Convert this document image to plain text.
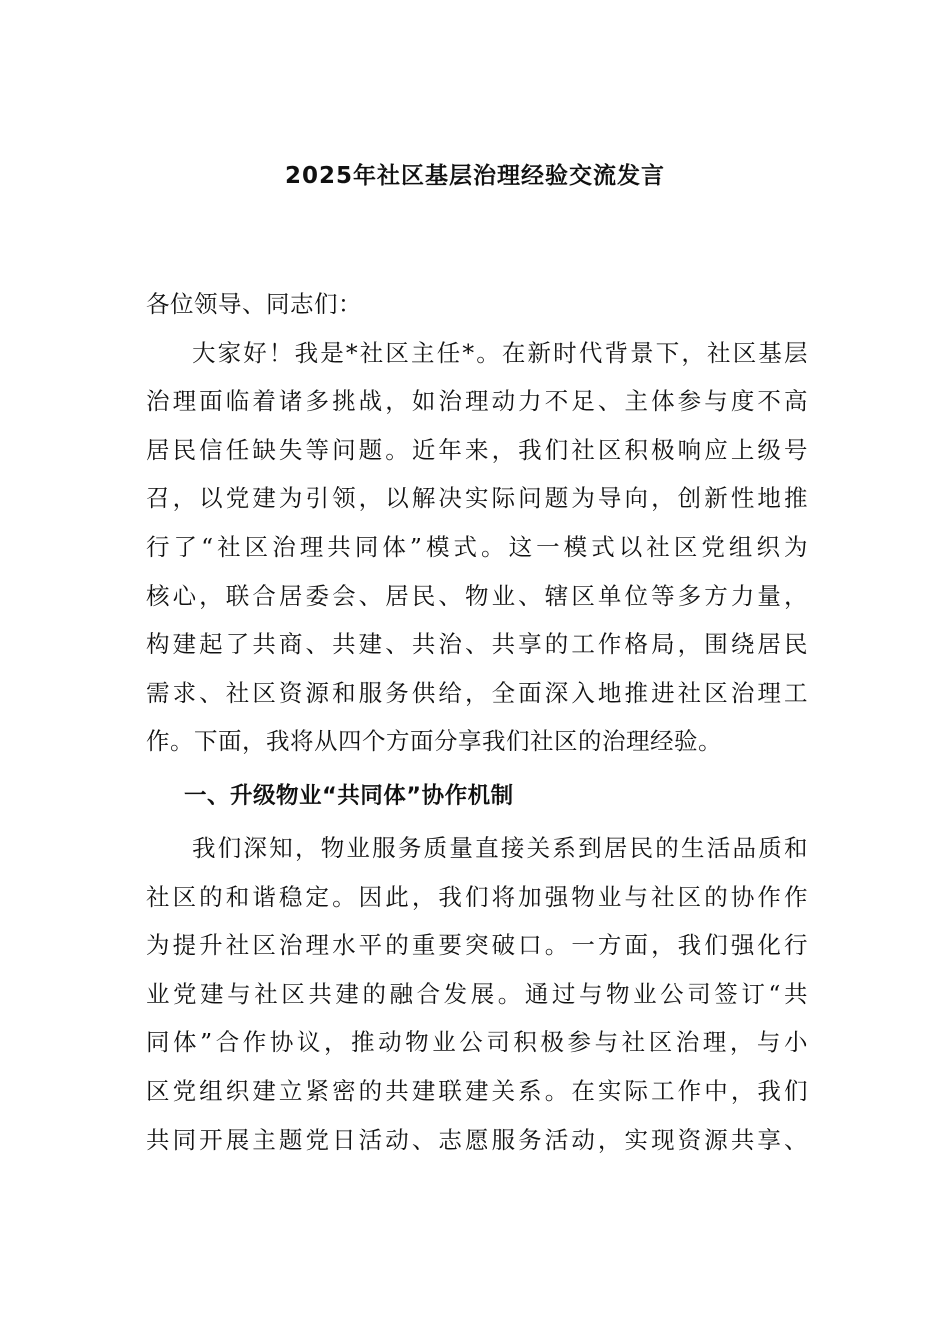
2025年社区基层治理经验交流发言
各位领导、同志们：
大家好！我是*社区主任*。在新时代背景下，社区基层
治理面临着诸多挑战，如治理动力不足、主体参与度不高
居民信任缺失等问题。近年来，我们社区积极响应上级号
召，以党建为引领，以解决实际问题为导向，创新性地推
行了“社区治理共同体”模式。这一模式以社区党组织为
核心，联合居委会、居民、物业、辖区单位等多方力量，
构建起了共商、共建、共治、共享的工作格局，围绕居民
需求、社区资源和服务供给，全面深入地推进社区治理工
作。下面，我将从四个方面分享我们社区的治理经验。
一、升级物业“共同体”协作机制
我们深知，物业服务质量直接关系到居民的生活品质和
社区的和谐稳定。因此，我们将加强物业与社区的协作作
为提升社区治理水平的重要突破口。一方面，我们强化行
业党建与社区共建的融合发展。通过与物业公司签订“共
同体”合作协议，推动物业公司积极参与社区治理，与小
区党组织建立紧密的共建联建关系。在实际工作中，我们
共同开展主题党日活动、志愿服务活动，实现资源共享、
